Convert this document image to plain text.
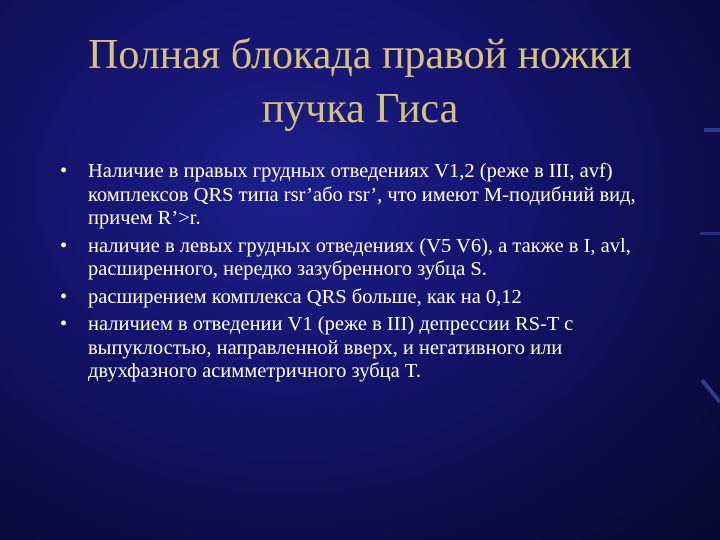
Полная блокада правой ножки пучка Гиса
•	Наличие в правых грудных отведениях V1,2 (реже в III, avf) комплексов QRS типа rsr’або rsr’, что имеют М-подибний вид, причем R’>r.
•	наличие в левых грудных отведениях (V5 V6), а также в I, avl, расширенного, нередко зазубренного зубца S.
•	расширением комплекса QRS больше, как на 0,12
•	наличием в отведении V1 (реже в III) депрессии RS-T с выпуклостью, направленной вверх, и негативного или двухфазного асимметричного зубца T.
